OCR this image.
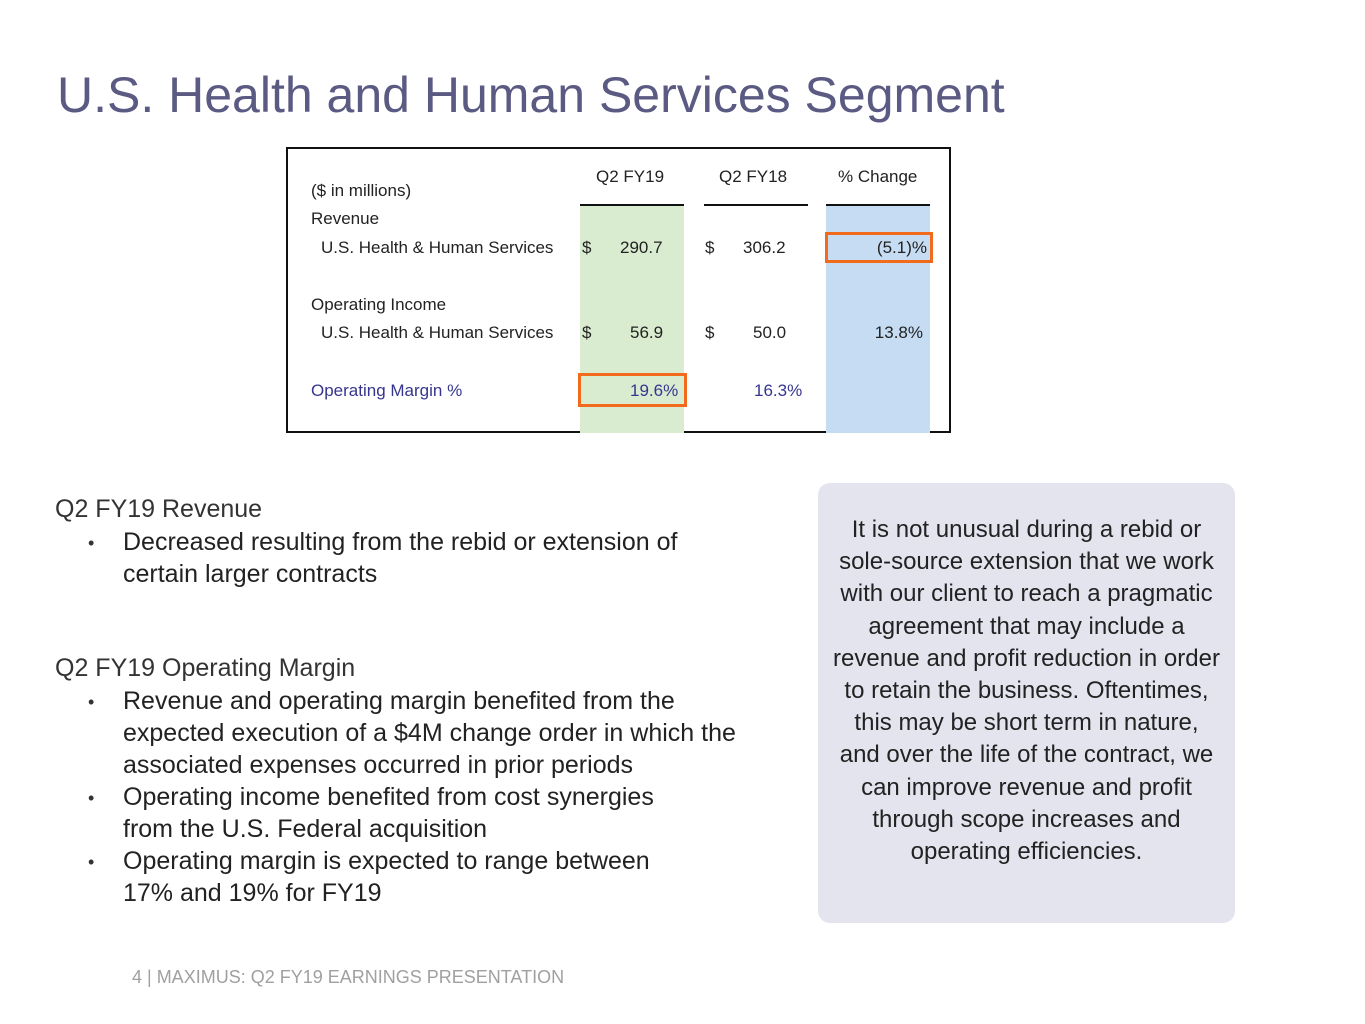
U.S. Health and Human Services Segment
Q2 FY19	Q2 FY18	% Change
($ in millions)
Revenue
U.S. Health & Human Services $ 290.7 $ 306.2	(5.1)%
Operating Income
U.S. Health & Human Services $ 56.9 $ 50.0	13.8%
Operating Margin %	19.6%	16.3%
Q2 FY19 Revenue
• Decreased resulting from the rebid or extension of certain larger contracts
Q2 FY19 Operating Margin
• Revenue and operating margin benefited from the expected execution of a $4M change order in which the associated expenses occurred in prior periods
• Operating income benefited from cost synergies from the U.S. Federal acquisition
• Operating margin is expected to range between 17% and 19% for FY19

It is not unusual during a rebid or sole-source extension that we work with our client to reach a pragmatic agreement that may include a revenue and profit reduction in order to retain the business. Oftentimes, this may be short term in nature, and over the life of the contract, we can improve revenue and profit through scope increases and operating efficiencies.

4 | MAXIMUS: Q2 FY19 EARNINGS PRESENTATION
